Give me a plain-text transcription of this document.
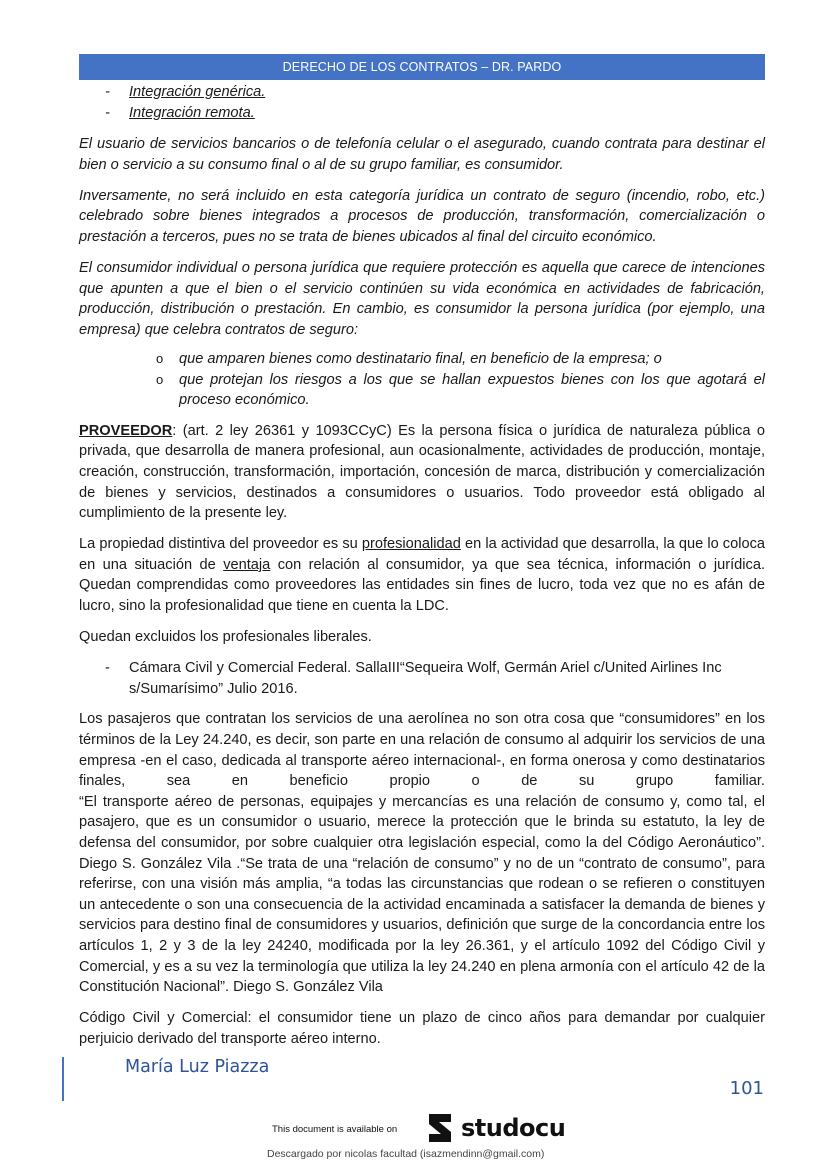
DERECHO DE LOS CONTRATOS – DR. PARDO
- Integración genérica.
- Integración remota.

El usuario de servicios bancarios o de telefonía celular o el asegurado, cuando contrata para destinar el bien o servicio a su consumo final o al de su grupo familiar, es consumidor.

Inversamente, no será incluido en esta categoría jurídica un contrato de seguro (incendio, robo, etc.) celebrado sobre bienes integrados a procesos de producción, transformación, comercialización o prestación a terceros, pues no se trata de bienes ubicados al final del circuito económico.

El consumidor individual o persona jurídica que requiere protección es aquella que carece de intenciones que apunten a que el bien o el servicio continúen su vida económica en actividades de fabricación, producción, distribución o prestación. En cambio, es consumidor la persona jurídica (por ejemplo, una empresa) que celebra contratos de seguro:

o que amparen bienes como destinatario final, en beneficio de la empresa; o
o que protejan los riesgos a los que se hallan expuestos bienes con los que agotará el proceso económico.

PROVEEDOR: (art. 2 ley 26361 y 1093CCyC) Es la persona física o jurídica de naturaleza pública o privada, que desarrolla de manera profesional, aun ocasionalmente, actividades de producción, montaje, creación, construcción, transformación, importación, concesión de marca, distribución y comercialización de bienes y servicios, destinados a consumidores o usuarios. Todo proveedor está obligado al cumplimiento de la presente ley.

La propiedad distintiva del proveedor es su profesionalidad en la actividad que desarrolla, la que lo coloca en una situación de ventaja con relación al consumidor, ya que sea técnica, información o jurídica. Quedan comprendidas como proveedores las entidades sin fines de lucro, toda vez que no es afán de lucro, sino la profesionalidad que tiene en cuenta la LDC.

Quedan excluidos los profesionales liberales.

- Cámara Civil y Comercial Federal. SallaIII“Sequeira Wolf, Germán Ariel c/United Airlines Inc s/Sumarísimo” Julio 2016.

Los pasajeros que contratan los servicios de una aerolínea no son otra cosa que “consumidores” en los términos de la Ley 24.240, es decir, son parte en una relación de consumo al adquirir los servicios de una empresa -en el caso, dedicada al transporte aéreo internacional-, en forma onerosa y como destinatarios finales, sea en beneficio propio o de su grupo familiar.
“El transporte aéreo de personas, equipajes y mercancías es una relación de consumo y, como tal, el pasajero, que es un consumidor o usuario, merece la protección que le brinda su estatuto, la ley de defensa del consumidor, por sobre cualquier otra legislación especial, como la del Código Aeronáutico”. Diego S. González Vila .“Se trata de una “relación de consumo” y no de un “contrato de consumo”, para referirse, con una visión más amplia, “a todas las circunstancias que rodean o se refieren o constituyen un antecedente o son una consecuencia de la actividad encaminada a satisfacer la demanda de bienes y servicios para destino final de consumidores y usuarios, definición que surge de la concordancia entre los artículos 1, 2 y 3 de la ley 24240, modificada por la ley 26.361, y el artículo 1092 del Código Civil y Comercial, y es a su vez la terminología que utiliza la ley 24.240 en plena armonía con el artículo 42 de la Constitución Nacional”. Diego S. González Vila

Código Civil y Comercial: el consumidor tiene un plazo de cinco años para demandar por cualquier perjuicio derivado del transporte aéreo interno.

María Luz Piazza
101
This document is available on	studocu
Descargado por nicolas facultad (isazmendinn@gmail.com)
